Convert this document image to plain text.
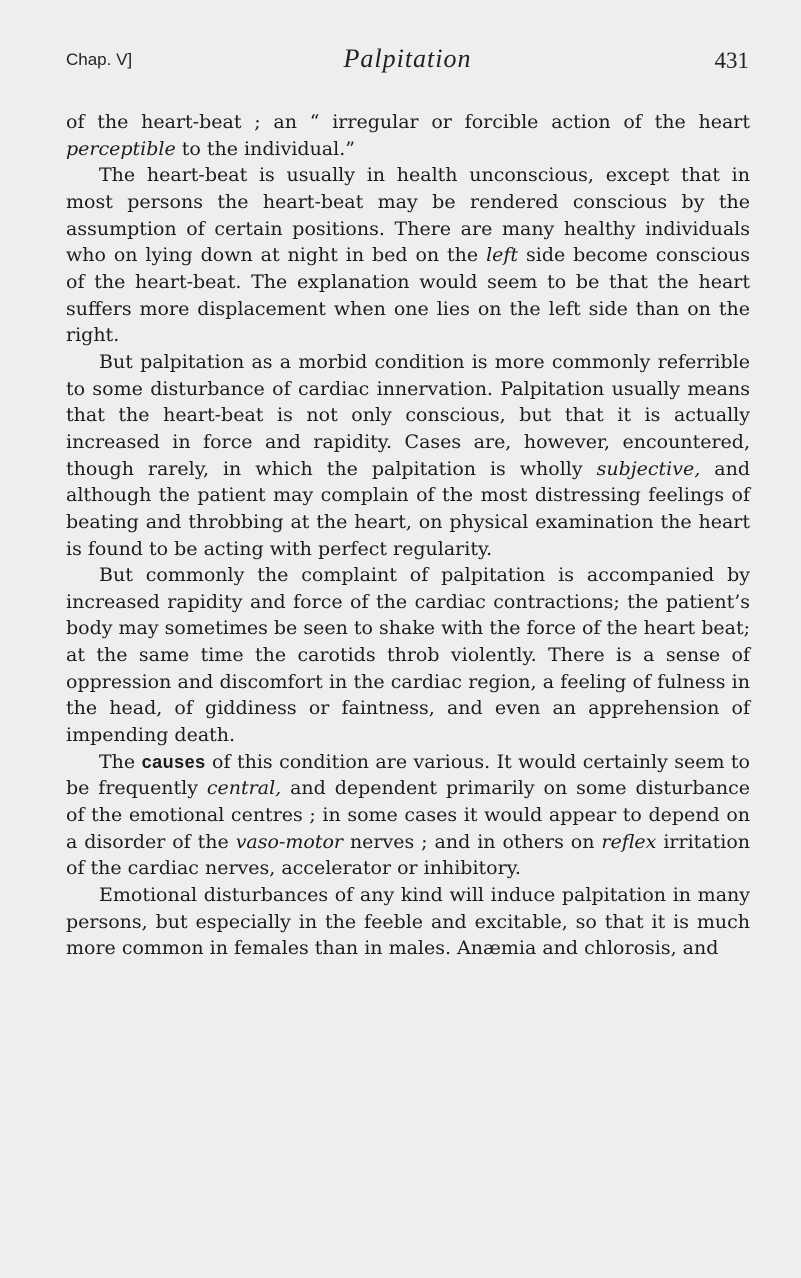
Chap. V]	Palpitation	431

of the heart-beat ; an “ irregular or forcible action of the heart perceptible to the individual.”

The heart-beat is usually in health unconscious, except that in most persons the heart-beat may be rendered conscious by the assumption of certain positions. There are many healthy individuals who on lying down at night in bed on the left side become conscious of the heart-beat. The explanation would seem to be that the heart suffers more displacement when one lies on the left side than on the right.

But palpitation as a morbid condition is more commonly referrible to some disturbance of cardiac innervation. Palpitation usually means that the heart-beat is not only conscious, but that it is actually increased in force and rapidity. Cases are, however, encountered, though rarely, in which the palpitation is wholly subjective, and although the patient may complain of the most distressing feelings of beating and throbbing at the heart, on physical examination the heart is found to be acting with perfect regularity.

But commonly the complaint of palpitation is accompanied by increased rapidity and force of the cardiac contractions; the patient’s body may sometimes be seen to shake with the force of the heart beat; at the same time the carotids throb violently. There is a sense of oppression and discomfort in the cardiac region, a feeling of fulness in the head, of giddiness or faintness, and even an apprehension of impending death.

The causes of this condition are various. It would certainly seem to be frequently central, and dependent primarily on some disturbance of the emotional centres ; in some cases it would appear to depend on a disorder of the vaso-motor nerves ; and in others on reflex irritation of the cardiac nerves, accelerator or inhibitory.

Emotional disturbances of any kind will induce palpitation in many persons, but especially in the feeble and excitable, so that it is much more common in females than in males. Anæmia and chlorosis, and
